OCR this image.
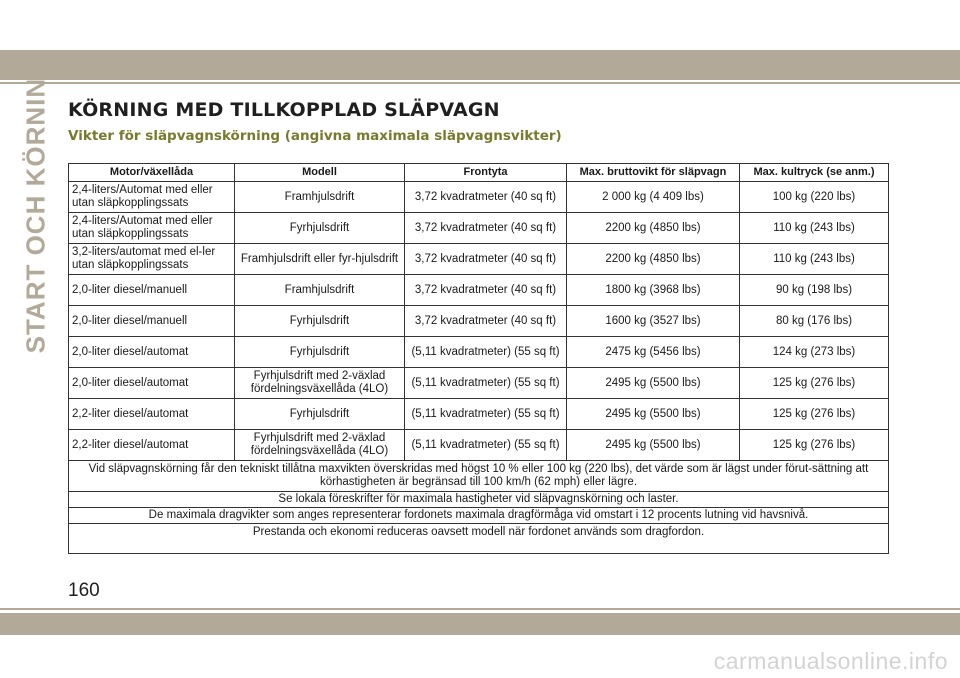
START OCH KÖRNING KÖRNING MED TILLKOPPLAD SLÄPVAGN
Vikter för släpvagnskörning (angivna maximala släpvagnsvikter)
Motor/växellåda	Modell	Frontyta	Max. bruttovikt för släpvagn	Max. kultryck (se anm.)
2,4-liters/Automat med eller utan släpkopplingssats	Framhjulsdrift	3,72 kvadratmeter (40 sq ft)	2 000 kg (4 409 lbs)	100 kg (220 lbs)
2,4-liters/Automat med eller utan släpkopplingssats	Fyrhjulsdrift	3,72 kvadratmeter (40 sq ft)	2200 kg (4850 lbs)	110 kg (243 lbs)
3,2-liters/automat med el-ler utan släpkopplingssats	Framhjulsdrift eller fyr-hjulsdrift	3,72 kvadratmeter (40 sq ft)	2200 kg (4850 lbs)	110 kg (243 lbs)
2,0-liter diesel/manuell	Framhjulsdrift	3,72 kvadratmeter (40 sq ft)	1800 kg (3968 lbs)	90 kg (198 lbs)
2,0-liter diesel/manuell	Fyrhjulsdrift	3,72 kvadratmeter (40 sq ft)	1600 kg (3527 lbs)	80 kg (176 lbs)
2,0-liter diesel/automat	Fyrhjulsdrift	(5,11 kvadratmeter) (55 sq ft)	2475 kg (5456 lbs)	124 kg (273 lbs)
2,0-liter diesel/automat	Fyrhjulsdrift med 2-växlad fördelningsväxellåda (4LO)	(5,11 kvadratmeter) (55 sq ft)	2495 kg (5500 lbs)	125 kg (276 lbs)
2,2-liter diesel/automat	Fyrhjulsdrift	(5,11 kvadratmeter) (55 sq ft)	2495 kg (5500 lbs)	125 kg (276 lbs)
2,2-liter diesel/automat	Fyrhjulsdrift med 2-växlad fördelningsväxellåda (4LO)	(5,11 kvadratmeter) (55 sq ft)	2495 kg (5500 lbs)	125 kg (276 lbs)
Vid släpvagnskörning får den tekniskt tillåtna maxvikten överskridas med högst 10 % eller 100 kg (220 lbs), det värde som är lägst under förut-sättning att körhastigheten är begränsad till 100 km/h (62 mph) eller lägre.				
Se lokala föreskrifter för maximala hastigheter vid släpvagnskörning och laster.				
De maximala dragvikter som anges representerar fordonets maximala dragförmåga vid omstart i 12 procents lutning vid havsnivå.				
Prestanda och ekonomi reduceras oavsett modell när fordonet används som dragfordon.				
160
carmanualsonline.info
